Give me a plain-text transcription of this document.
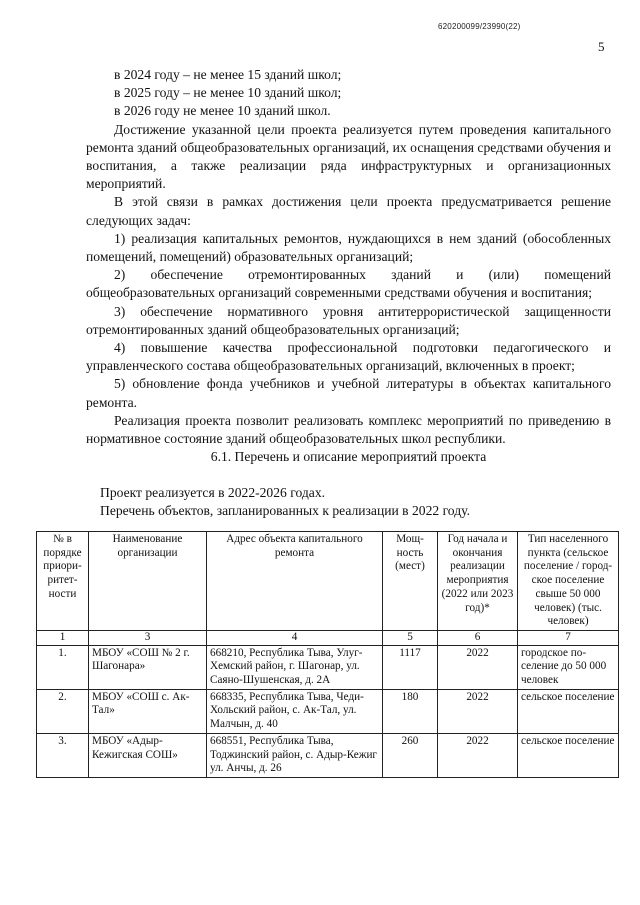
620200099/23990(22)
5

в 2024 году – не менее 15 зданий школ;

в 2025 году – не менее 10 зданий школ;

в 2026 году не менее 10 зданий школ.

Достижение указанной цели проекта реализуется путем проведения капитального ремонта зданий общеобразовательных организаций, их оснащения средствами обучения и воспитания, а также реализации ряда инфраструктурных и организационных мероприятий.

В этой связи в рамках достижения цели проекта предусматривается решение следующих задач:

1) реализация капитальных ремонтов, нуждающихся в нем зданий (обособленных помещений, помещений) образовательных организаций;

2) обеспечение отремонтированных зданий и (или) помещений общеобразовательных организаций современными средствами обучения и воспитания;

3) обеспечение нормативного уровня антитеррористической защищенности отремонтированных зданий общеобразовательных организаций;

4) повышение качества профессиональной подготовки педагогического и управленческого состава общеобразовательных организаций, включенных в проект;

5) обновление фонда учебников и учебной литературы в объектах капитального ремонта.

Реализация проекта позволит реализовать комплекс мероприятий по приведению в нормативное состояние зданий общеобразовательных школ республики.

6.1. Перечень и описание мероприятий проекта

Проект реализуется в 2022-2026 годах.

Перечень объектов, запланированных к реализации в 2022 году.

№ в порядке приориритетности	Наименование организации	Адрес объекта капитального ремонта	Мощность (мест)	Год начала и окончания реализации мероприятия (2022 или 2023 год)*	Тип населенного пункта (сельское поселение / городское поселение свыше 50 000 человек) (тыс. человек)
1	3	4	5	6	7
1.	МБОУ «СОШ № 2 г. Шагонара»	668210, Республика Тыва, Улуг-Хемский район, г. Шагонар, ул. Саяно-Шушенская, д. 2А	1117	2022	городское поселение до 50 000 человек
2.	МБОУ «СОШ с. Ак-Тал»	668335, Республика Тыва, Чеди-Хольский район, с. Ак-Тал, ул. Малчын, д. 40	180	2022	сельское поселение
3.	МБОУ «Адыр-Кежигская СОШ»	668551, Республика Тыва, Тоджинский район, с. Адыр-Кежиг ул. Анчы, д. 26	260	2022	сельское поселение
